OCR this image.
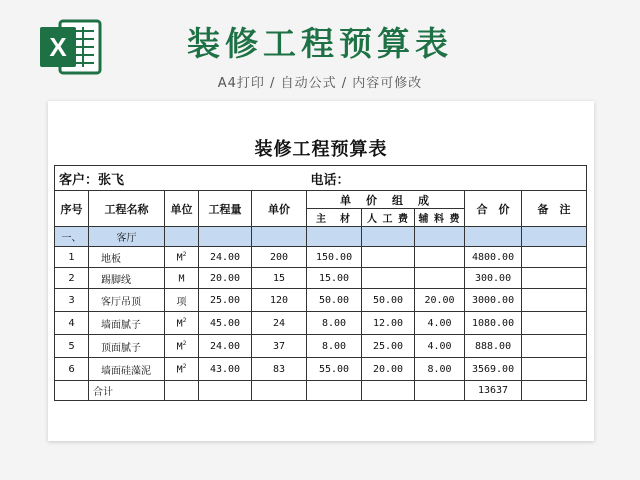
X	装修工程预算表
A4打印 / 自动公式 / 内容可修改
装修工程预算表
客户：张飞					电话：				
序号	工程名称	单位	工程量	单价	单　价　组　成			合　价	备　注
					主　材	人 工 费	辅 料 费		
一、	客厅								
1	地板	$M^2$	24.00	200	150.00			4800.00	
2	踢脚线	M	20.00	15	15.00			300.00	
3	客厅吊顶	项	25.00	120	50.00	50.00	20.00	3000.00	
4	墙面腻子	$M^2$	45.00	24	8.00	12.00	4.00	1080.00	
5	顶面腻子	$M^2$	24.00	37	8.00	25.00	4.00	888.00	
6	墙面硅藻泥	$M^2$	43.00	83	55.00	20.00	8.00	3569.00	
	合计							13637	
